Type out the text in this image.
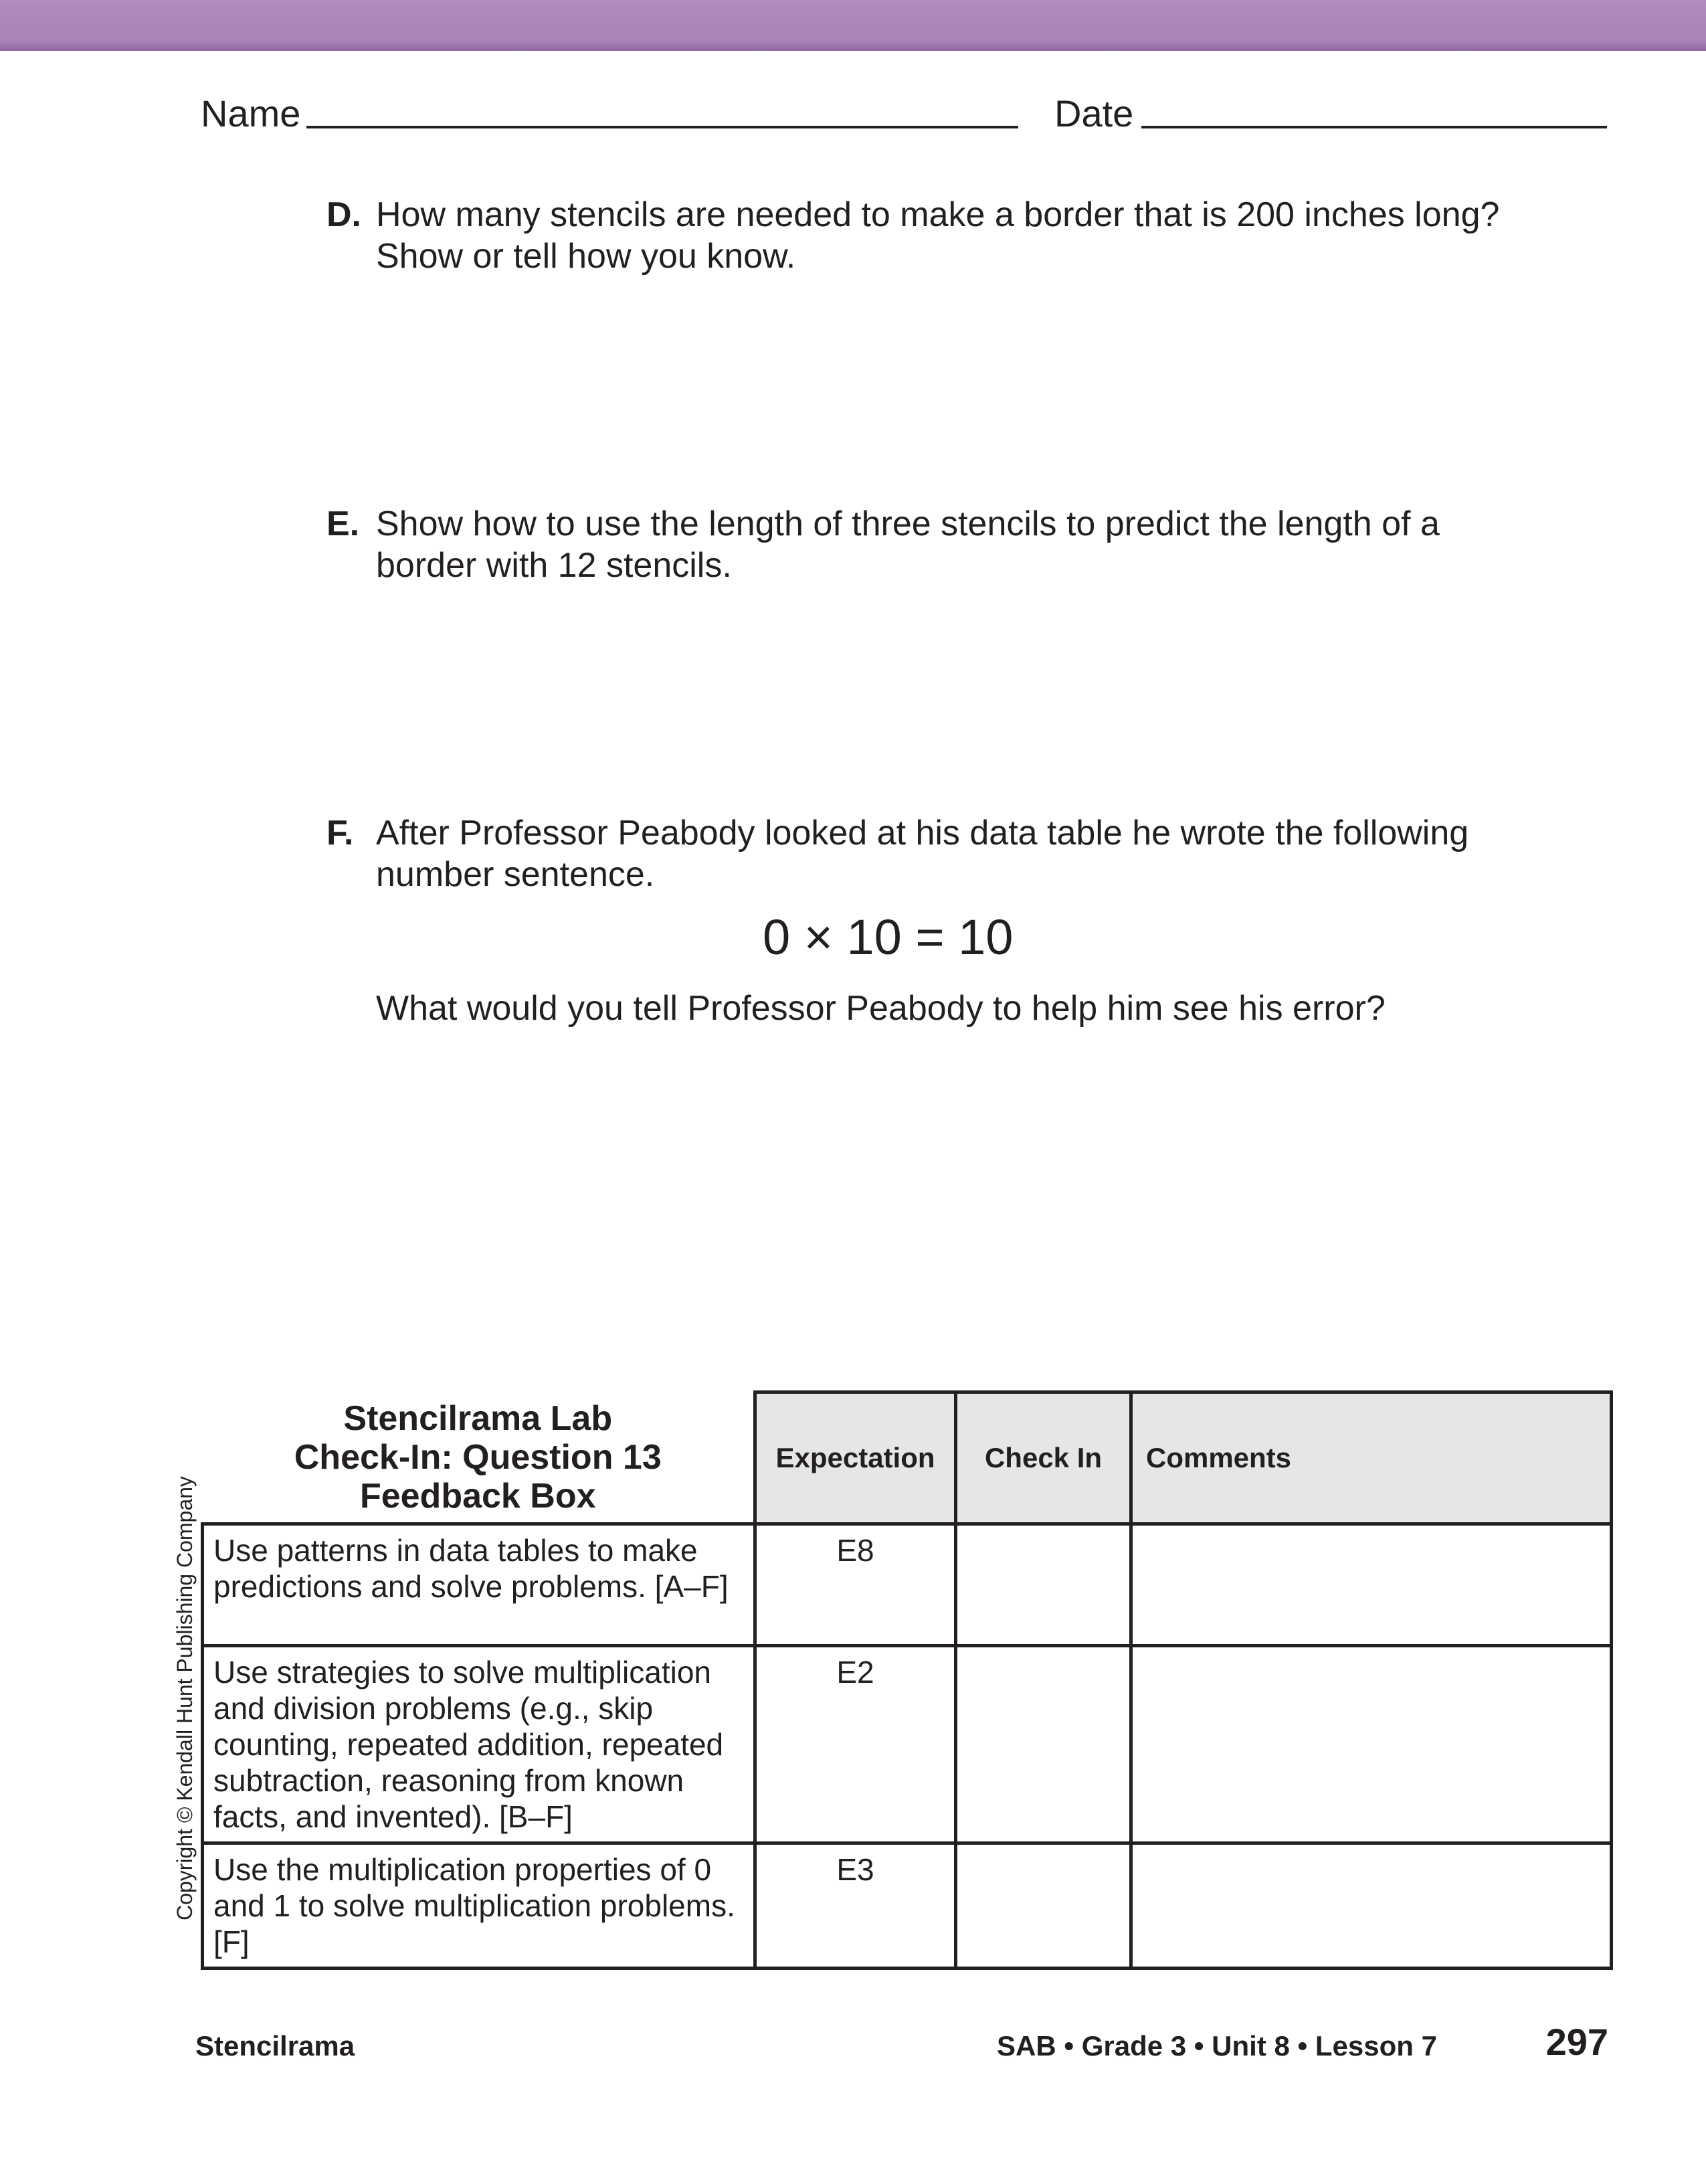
Name	Date
D. How many stencils are needed to make a border that is 200 inches long? Show or tell how you know.
E. Show how to use the length of three stencils to predict the length of a border with 12 stencils.
F. After Professor Peabody looked at his data table he wrote the following number sentence.
0 × 10 = 10
What would you tell Professor Peabody to help him see his error?
Copyright © Kendall Hunt Publishing Company
Stencilrama Lab
Check-In: Question 13
Feedback Box	Expectation	Check In	Comments
Use patterns in data tables to make predictions and solve problems. [A–F]	E8		
Use strategies to solve multiplication and division problems (e.g., skip counting, repeated addition, repeated subtraction, reasoning from known facts, and invented). [B–F]	E2		
Use the multiplication properties of 0 and 1 to solve multiplication problems. [F]	E3		
Stencilrama	SAB • Grade 3 • Unit 8 • Lesson 7	297
